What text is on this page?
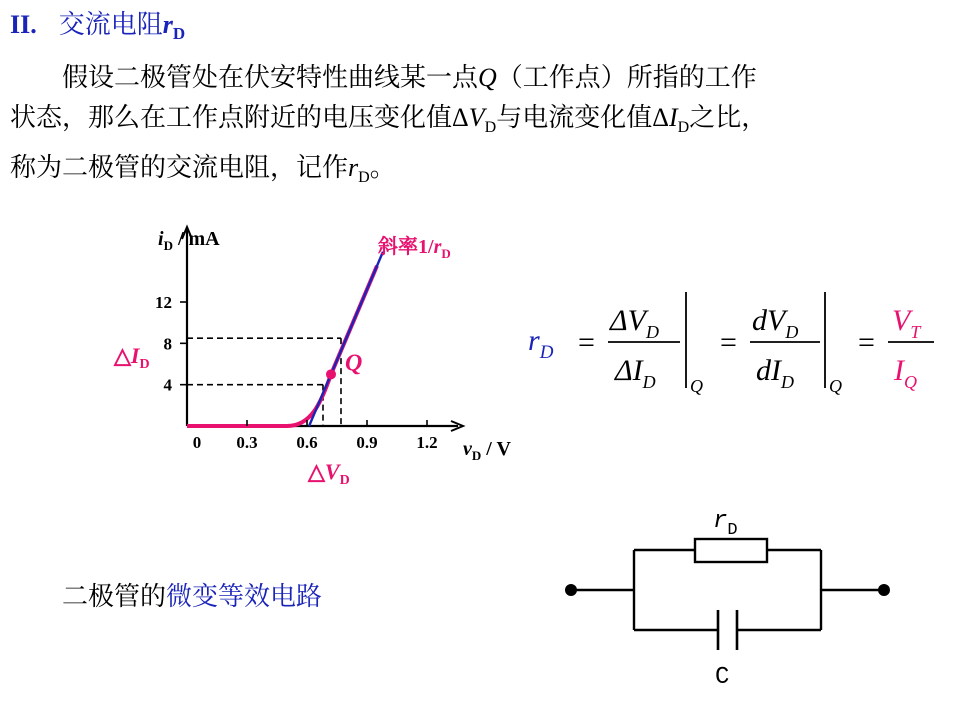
II. 交流电阻$r_D$
假设二极管处在伏安特性曲线某一点Q（工作点）所指的工作
状态，那么在工作点附近的电压变化值$\Delta V_D$与电流变化值$\Delta I_D$之比，
称为二极管的交流电阻，记作$r_D$。
Q
4
8
12
0 0.3 0.6 0.9 1.2
$i_D$ / mA
$v_D$ / V
$\triangle I_D$
$\triangle V_D$
斜率$1/r_D$
$r_D$ =
$\Delta V_D$
$\Delta I_D$ Q
=
$dV_D$
$dI_D$ Q
=
$V_T$
$I_Q$
$r_D$
C
二极管的微变等效电路
